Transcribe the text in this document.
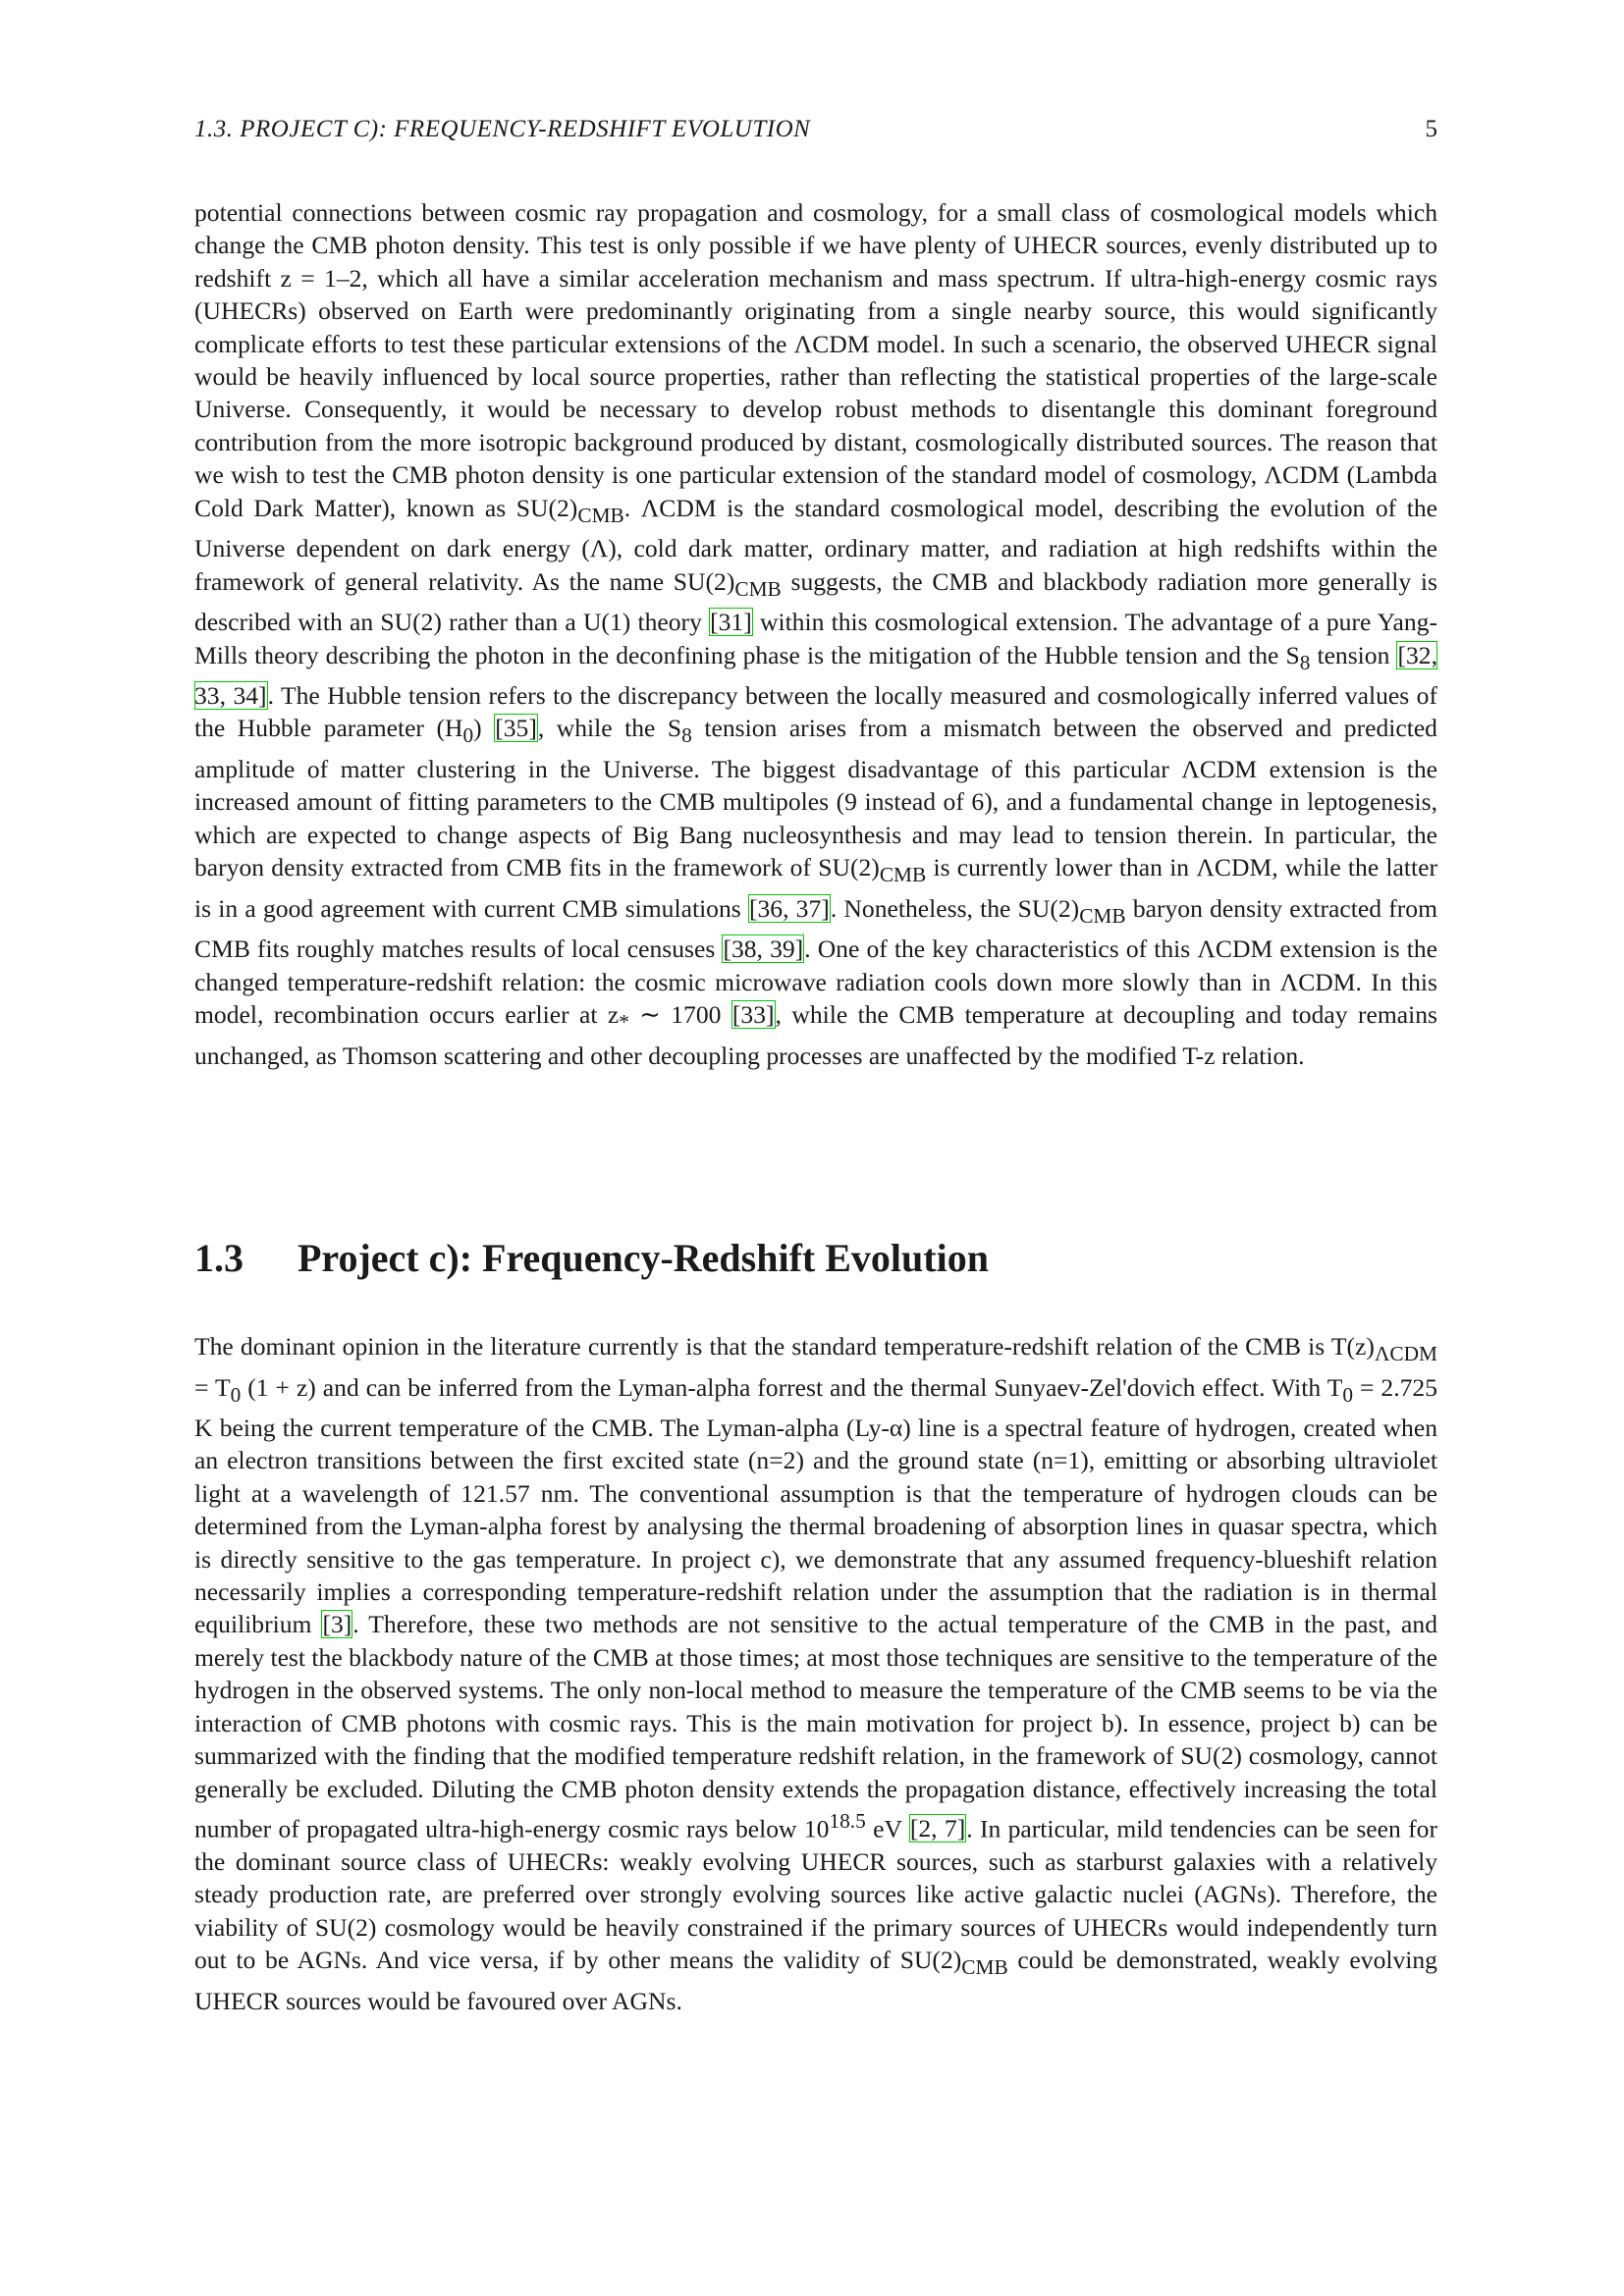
1.3. PROJECT C): FREQUENCY-REDSHIFT EVOLUTION	5
potential connections between cosmic ray propagation and cosmology, for a small class of cosmological models which change the CMB photon density. This test is only possible if we have plenty of UHECR sources, evenly distributed up to redshift z = 1–2, which all have a similar acceleration mechanism and mass spectrum. If ultra-high-energy cosmic rays (UHECRs) observed on Earth were predominantly originating from a single nearby source, this would significantly complicate efforts to test these particular extensions of the ΛCDM model. In such a scenario, the observed UHECR signal would be heavily influenced by local source properties, rather than reflecting the statistical properties of the large-scale Universe. Consequently, it would be necessary to develop robust methods to disentangle this dominant foreground contribution from the more isotropic background produced by distant, cosmologically distributed sources. The reason that we wish to test the CMB photon density is one particular extension of the standard model of cosmology, ΛCDM (Lambda Cold Dark Matter), known as $SU(2)_{CMB}$. ΛCDM is the standard cosmological model, describing the evolution of the Universe dependent on dark energy (Λ), cold dark matter, ordinary matter, and radiation at high redshifts within the framework of general relativity. As the name $SU(2)_{CMB}$ suggests, the CMB and blackbody radiation more generally is described with an SU(2) rather than a U(1) theory [31] within this cosmological extension. The advantage of a pure Yang-Mills theory describing the photon in the deconfining phase is the mitigation of the Hubble tension and the $S_8$ tension [32, 33, 34]. The Hubble tension refers to the discrepancy between the locally measured and cosmologically inferred values of the Hubble parameter $(H_0)$ [35], while the $S_8$ tension arises from a mismatch between the observed and predicted amplitude of matter clustering in the Universe. The biggest disadvantage of this particular ΛCDM extension is the increased amount of fitting parameters to the CMB multipoles (9 instead of 6), and a fundamental change in leptogenesis, which are expected to change aspects of Big Bang nucleosynthesis and may lead to tension therein. In particular, the baryon density extracted from CMB fits in the framework of $SU(2)_{CMB}$ is currently lower than in ΛCDM, while the latter is in a good agreement with current CMB simulations [36, 37]. Nonetheless, the $SU(2)_{CMB}$ baryon density extracted from CMB fits roughly matches results of local censuses [38, 39]. One of the key characteristics of this ΛCDM extension is the changed temperature-redshift relation: the cosmic microwave radiation cools down more slowly than in ΛCDM. In this model, recombination occurs earlier at $z_*$ ∼ 1700 [33], while the CMB temperature at decoupling and today remains unchanged, as Thomson scattering and other decoupling processes are unaffected by the modified T-z relation.
1.3 Project c): Frequency-Redshift Evolution
The dominant opinion in the literature currently is that the standard temperature-redshift relation of the CMB is $T(z)_{\Lambda CDM} = T_0$ (1 + z) and can be inferred from the Lyman-alpha forrest and the thermal Sunyaev-Zel'dovich effect. With $T_0 = 2.725$ K being the current temperature of the CMB. The Lyman-alpha (Ly-α) line is a spectral feature of hydrogen, created when an electron transitions between the first excited state (n=2) and the ground state (n=1), emitting or absorbing ultraviolet light at a wavelength of 121.57 nm. The conventional assumption is that the temperature of hydrogen clouds can be determined from the Lyman-alpha forest by analysing the thermal broadening of absorption lines in quasar spectra, which is directly sensitive to the gas temperature. In project c), we demonstrate that any assumed frequency-blueshift relation necessarily implies a corresponding temperature-redshift relation under the assumption that the radiation is in thermal equilibrium [3]. Therefore, these two methods are not sensitive to the actual temperature of the CMB in the past, and merely test the blackbody nature of the CMB at those times; at most those techniques are sensitive to the temperature of the hydrogen in the observed systems. The only non-local method to measure the temperature of the CMB seems to be via the interaction of CMB photons with cosmic rays. This is the main motivation for project b). In essence, project b) can be summarized with the finding that the modified temperature redshift relation, in the framework of SU(2) cosmology, cannot generally be excluded. Diluting the CMB photon density extends the propagation distance, effectively increasing the total number of propagated ultra-high-energy cosmic rays below $10^{18.5}$ eV [2, 7]. In particular, mild tendencies can be seen for the dominant source class of UHECRs: weakly evolving UHECR sources, such as starburst galaxies with a relatively steady production rate, are preferred over strongly evolving sources like active galactic nuclei (AGNs). Therefore, the viability of SU(2) cosmology would be heavily constrained if the primary sources of UHECRs would independently turn out to be AGNs. And vice versa, if by other means the validity of $SU(2)_{CMB}$ could be demonstrated, weakly evolving UHECR sources would be favoured over AGNs.
